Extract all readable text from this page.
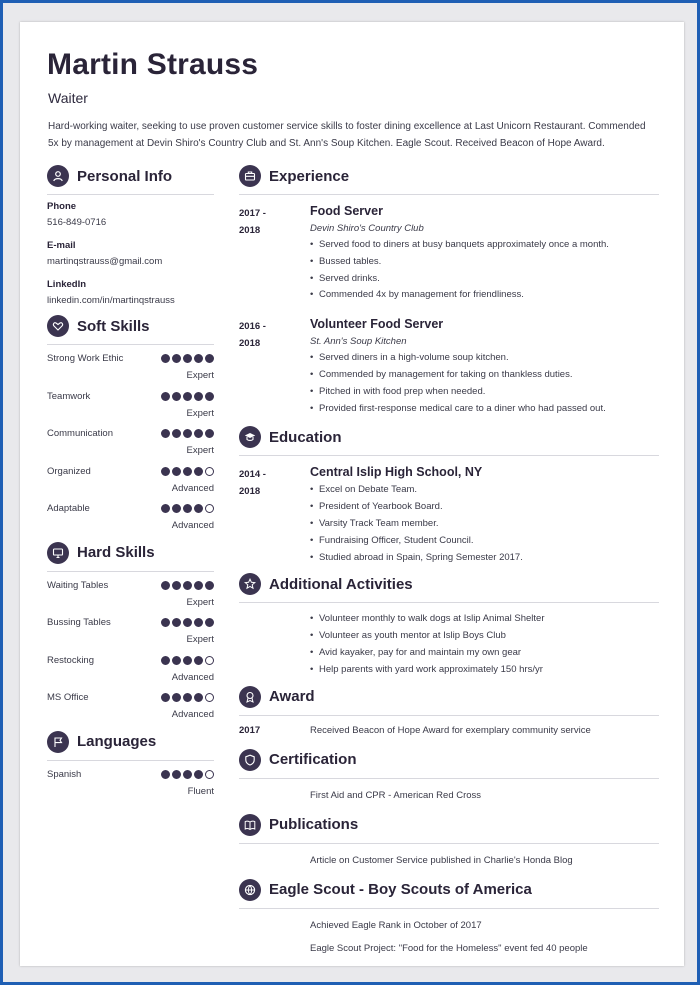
Martin Strauss
Waiter
Hard-working waiter, seeking to use proven customer service skills to foster dining excellence at Last Unicorn Restaurant. Commended 5x by management at Devin Shiro's Country Club and St. Ann's Soup Kitchen. Eagle Scout. Received Beacon of Hope Award.
Personal Info
Phone
516-849-0716
E-mail
martinqstrauss@gmail.com
LinkedIn
linkedin.com/in/martinqstrauss
Soft Skills
Strong Work Ethic
Expert
Teamwork
Expert
Communication
Expert
Organized
Advanced
Adaptable
Advanced
Hard Skills
Waiting Tables
Expert
Bussing Tables
Expert
Restocking
Advanced
MS Office
Advanced
Languages
Spanish
Fluent
Experience
2017 -
2018
Food Server
Devin Shiro's Country Club
• Served food to diners at busy banquets approximately once a month.
• Bussed tables.
• Served drinks.
• Commended 4x by management for friendliness.
2016 -
2018
Volunteer Food Server
St. Ann's Soup Kitchen
• Served diners in a high-volume soup kitchen.
• Commended by management for taking on thankless duties.
• Pitched in with food prep when needed.
• Provided first-response medical care to a diner who had passed out.
Education
2014 -
2018
Central Islip High School, NY
• Excel on Debate Team.
• President of Yearbook Board.
• Varsity Track Team member.
• Fundraising Officer, Student Council.
• Studied abroad in Spain, Spring Semester 2017.
Additional Activities
• Volunteer monthly to walk dogs at Islip Animal Shelter
• Volunteer as youth mentor at Islip Boys Club
• Avid kayaker, pay for and maintain my own gear
• Help parents with yard work approximately 150 hrs/yr
Award
2017	Received Beacon of Hope Award for exemplary community service
Certification
First Aid and CPR - American Red Cross
Publications
Article on Customer Service published in Charlie's Honda Blog
Eagle Scout - Boy Scouts of America
Achieved Eagle Rank in October of 2017
Eagle Scout Project: "Food for the Homeless" event fed 40 people
